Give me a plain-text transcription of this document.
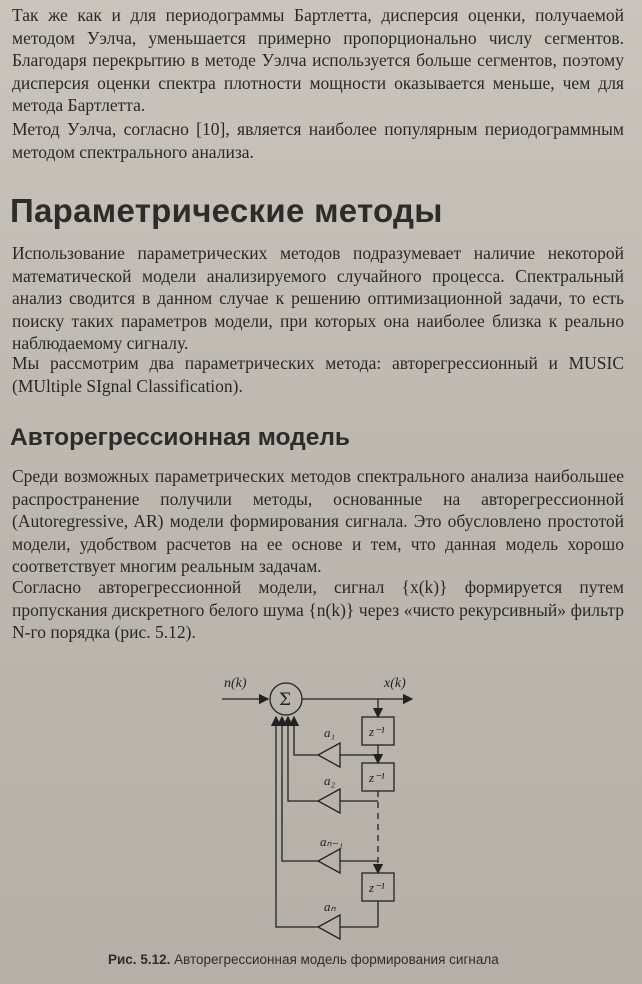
Так же как и для периодограммы Бартлетта, дисперсия оценки, получаемой методом Уэлча, уменьшается примерно пропорционально числу сегментов. Благодаря перекрытию в методе Уэлча используется больше сегментов, поэтому дисперсия оценки спектра плотности мощности оказывается меньше, чем для метода Бартлетта.

Метод Уэлча, согласно [10], является наиболее популярным периодограммным методом спектрального анализа.

Параметрические методы

Использование параметрических методов подразумевает наличие некоторой математической модели анализируемого случайного процесса. Спектральный анализ сводится в данном случае к решению оптимизационной задачи, то есть поиску таких параметров модели, при которых она наиболее близка к реально наблюдаемому сигналу.

Мы рассмотрим два параметрических метода: авторегрессионный и MUSIC (MUltiple SIgnal Classification).

Авторегрессионная модель

Среди возможных параметрических методов спектрального анализа наибольшее распространение получили методы, основанные на авторегрессионной (Autoregressive, AR) модели формирования сигнала. Это обусловлено простотой модели, удобством расчетов на ее основе и тем, что данная модель хорошо соответствует многим реальным задачам.

Согласно авторегрессионной модели, сигнал {x(k)} формируется путем пропускания дискретного белого шума {n(k)} через «чисто рекурсивный» фильтр N-го порядка (рис. 5.12).

n(k)	x(k)
Σ
z⁻¹
z⁻¹
z⁻¹
a₁
a₂
aₙ₋₁
aₙ

Рис. 5.12. Авторегрессионная модель формирования сигнала
